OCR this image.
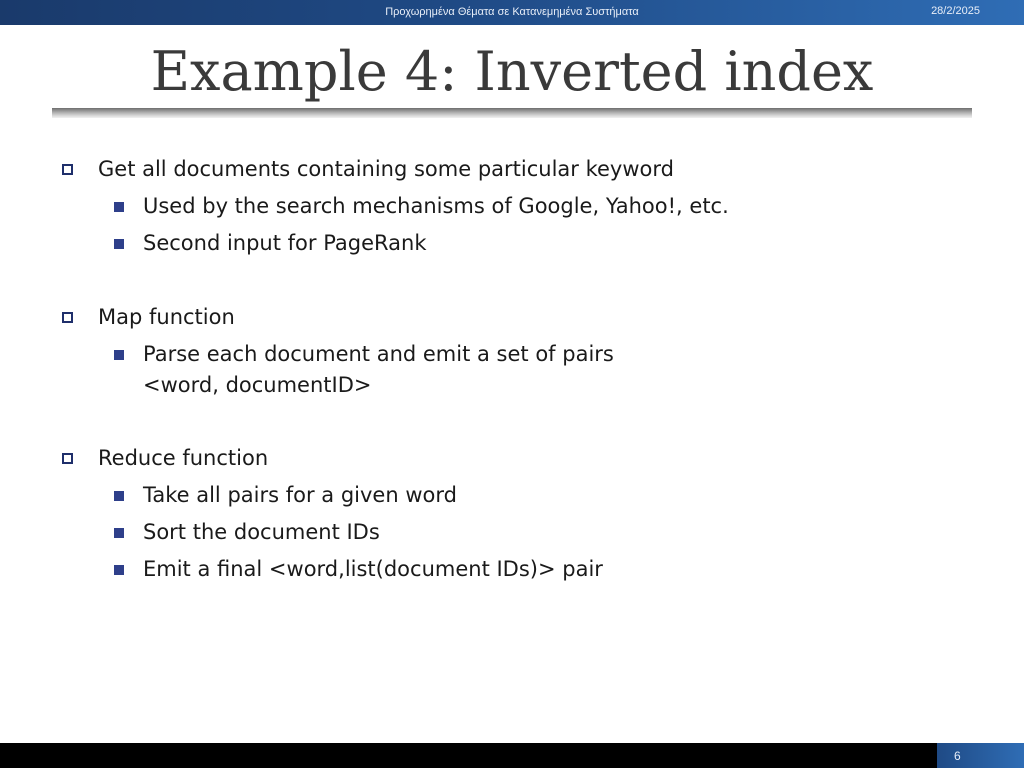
Προχωρημένα Θέματα σε Κατανεμημένα Συστήματα	28/2/2025
Example 4: Inverted index
Get all documents containing some particular keyword
Used by the search mechanisms of Google, Yahoo!, etc.
Second input for PageRank
Map function
Parse each document and emit a set of pairs
<word, documentID>
Reduce function
Take all pairs for a given word
Sort the document IDs
Emit a final <word,list(document IDs)> pair
6
